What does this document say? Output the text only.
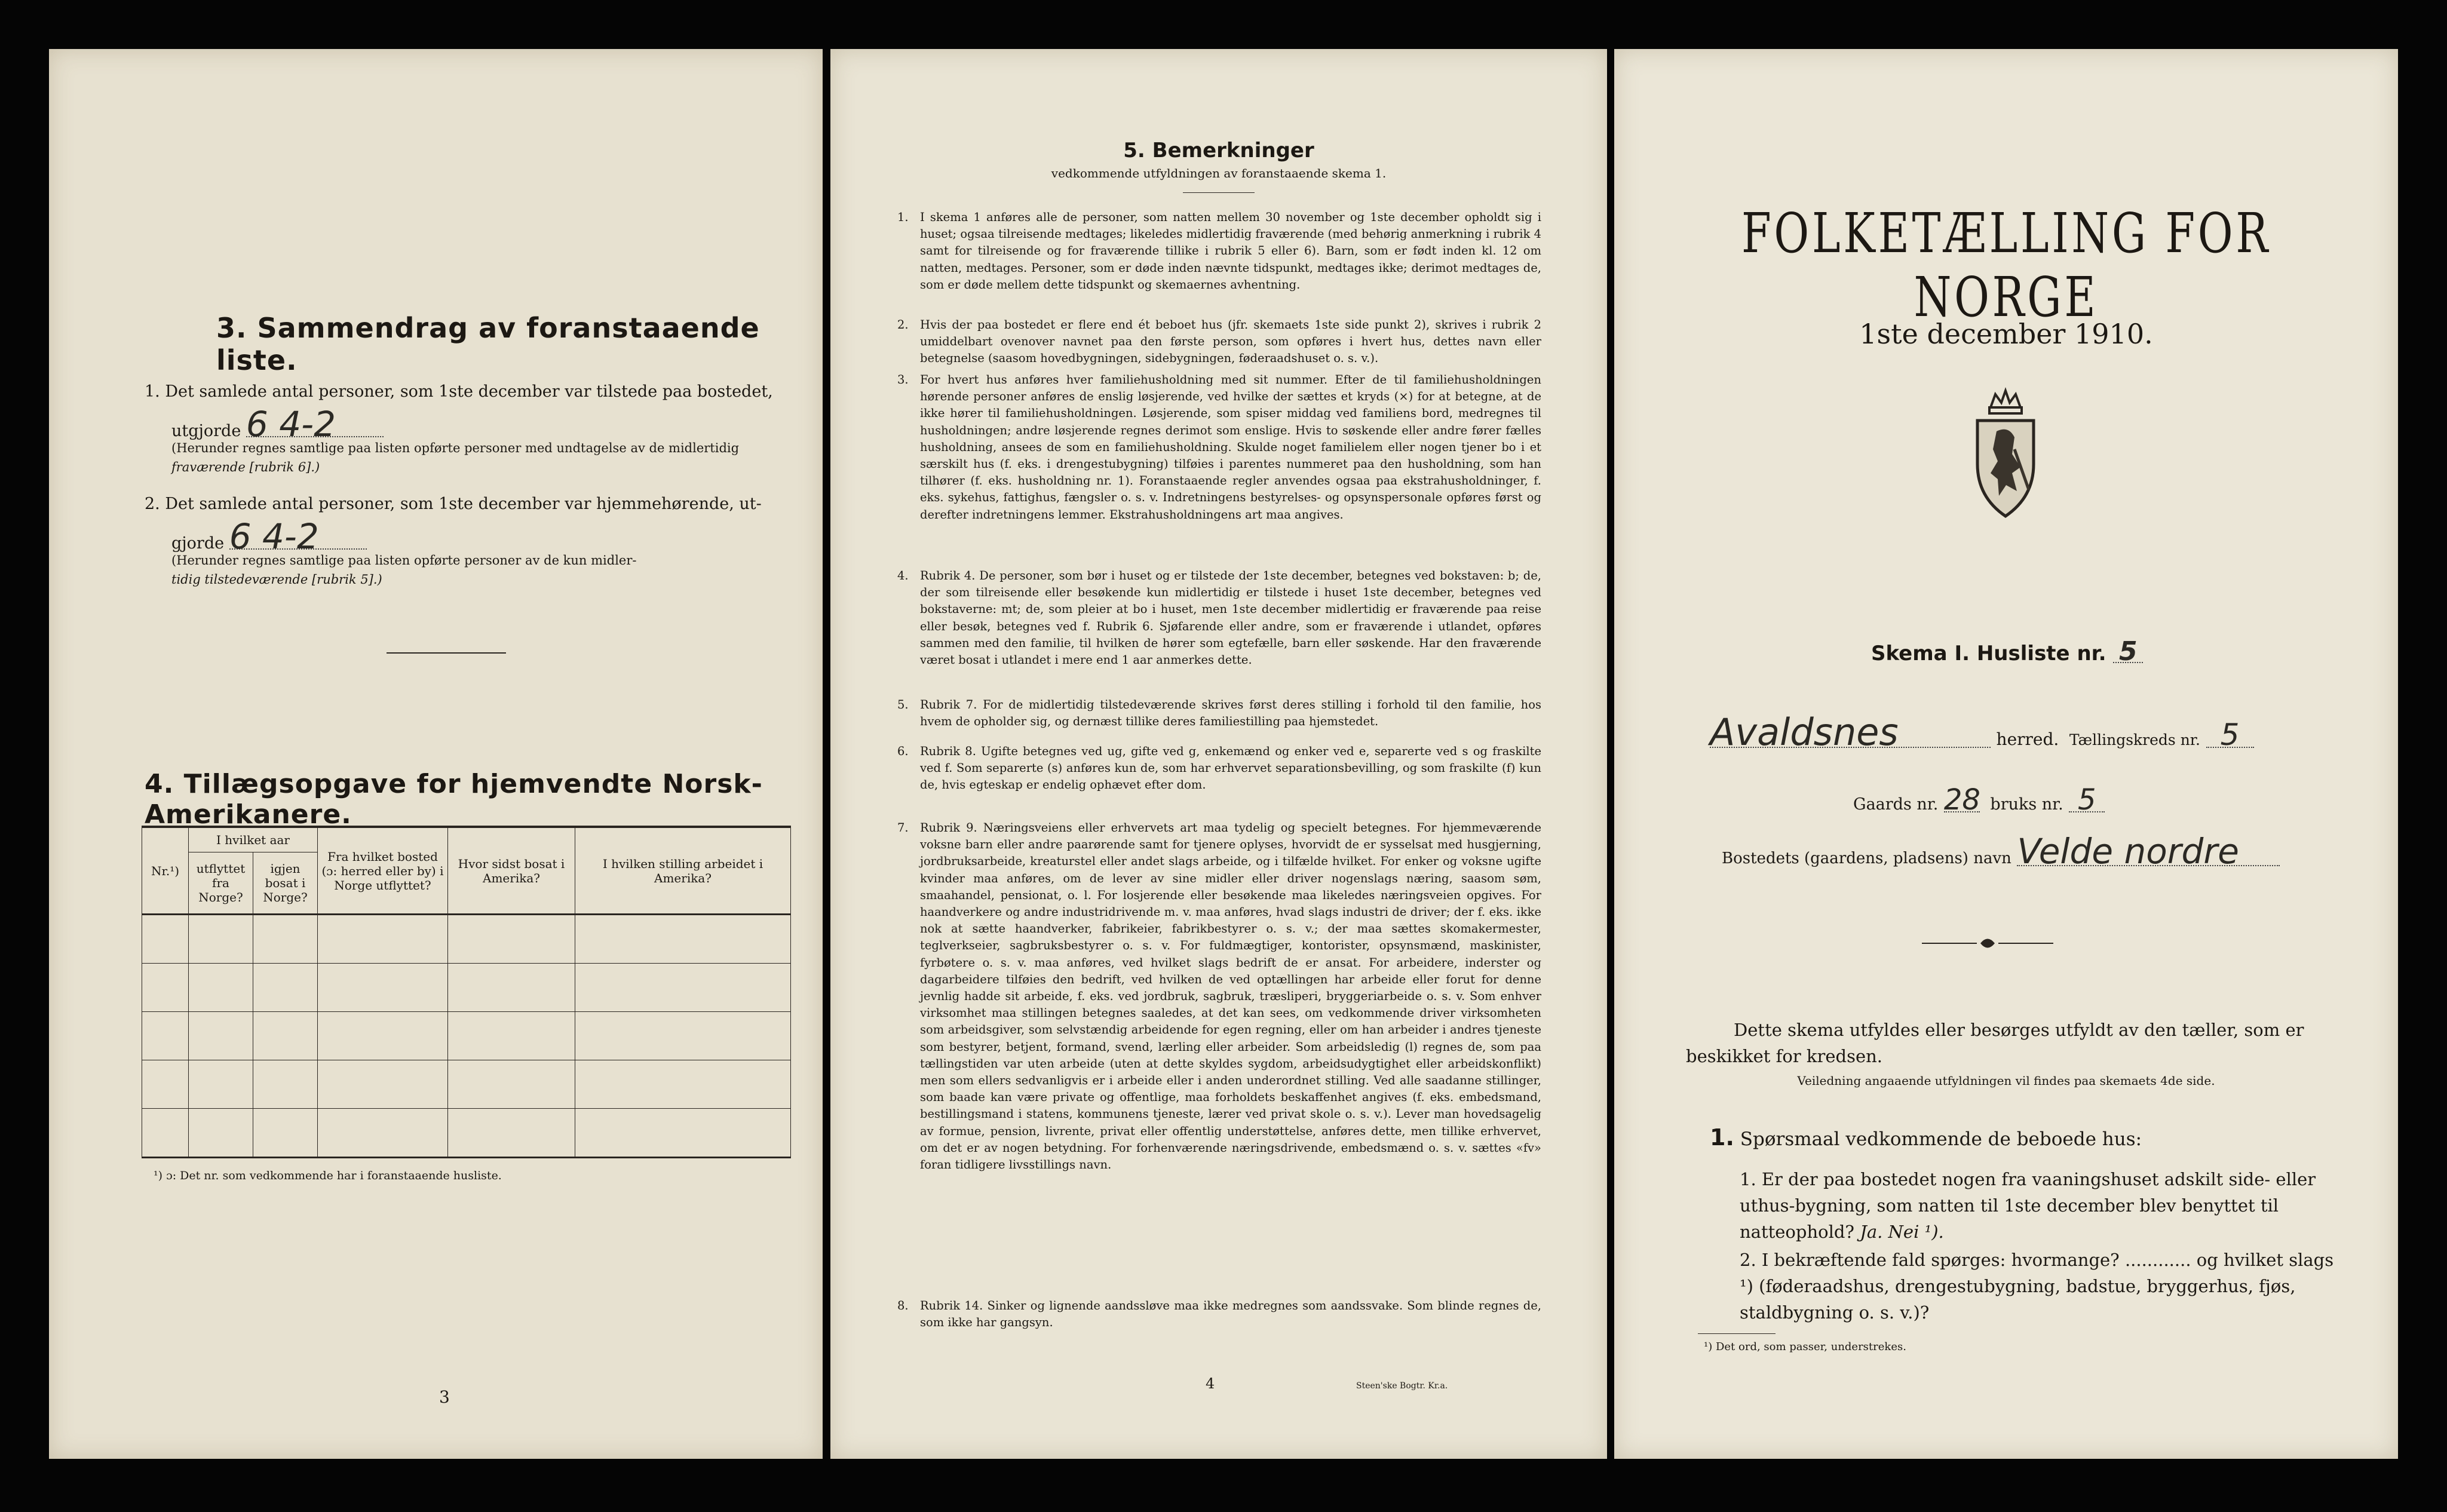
3. Sammendrag av foranstaaende liste.
1. Det samlede antal personer, som 1ste december var tilstede paa bostedet,
utgjorde 6 4-2
(Herunder regnes samtlige paa listen opførte personer med undtagelse av de midlertidig
fraværende [rubrik 6].)
2. Det samlede antal personer, som 1ste december var hjemmehørende, ut-
gjorde 6 4-2
(Herunder regnes samtlige paa listen opførte personer av de kun midler-
tidig tilstedeværende [rubrik 5].)
4. Tillægsopgave for hjemvendte Norsk-Amerikanere.
Nr.¹)	I hvilket aar		Fra hvilket bosted (ɔ: herred eller by) i Norge utflyttet?	Hvor sidst bosat i Amerika?	I hvilken stilling arbeidet i Amerika?
	utflyttet fra Norge?	igjen bosat i Norge?			

¹) ɔ: Det nr. som vedkommende har i foranstaaende husliste.
3
5. Bemerkninger
vedkommende utfyldningen av foranstaaende skema 1.
1. I skema 1 anføres alle de personer, som natten mellem 30 november og 1ste december opholdt sig i huset; ogsaa tilreisende medtages; likeledes midlertidig fraværende (med behørig anmerkning i rubrik 4 samt for tilreisende og for fraværende tillike i rubrik 5 eller 6). Barn, som er født inden kl. 12 om natten, medtages. Personer, som er døde inden nævnte tidspunkt, medtages ikke; derimot medtages de, som er døde mellem dette tidspunkt og skemaernes avhentning.
2. Hvis der paa bostedet er flere end ét beboet hus (jfr. skemaets 1ste side punkt 2), skrives i rubrik 2 umiddelbart ovenover navnet paa den første person, som opføres i hvert hus, dettes navn eller betegnelse (saasom hovedbygningen, sidebygningen, føderaadshuset o. s. v.).
3. For hvert hus anføres hver familiehusholdning med sit nummer. Efter de til familiehusholdningen hørende personer anføres de enslig løsjerende, ved hvilke der sættes et kryds (×) for at betegne, at de ikke hører til familiehusholdningen. Løsjerende, som spiser middag ved familiens bord, medregnes til husholdningen; andre løsjerende regnes derimot som enslige. Hvis to søskende eller andre fører fælles husholdning, ansees de som en familiehusholdning. Skulde noget familielem eller nogen tjener bo i et særskilt hus (f. eks. i drengestubygning) tilføies i parentes nummeret paa den husholdning, som han tilhører (f. eks. husholdning nr. 1). Foranstaaende regler anvendes ogsaa paa ekstrahusholdninger, f. eks. sykehus, fattighus, fængsler o. s. v. Indretningens bestyrelses- og opsynspersonale opføres først og derefter indretningens lemmer. Ekstrahusholdningens art maa angives.
4. Rubrik 4. De personer, som bør i huset og er tilstede der 1ste december, betegnes ved bokstaven: b; de, der som tilreisende eller besøkende kun midlertidig er tilstede i huset 1ste december, betegnes ved bokstaverne: mt; de, som pleier at bo i huset, men 1ste december midlertidig er fraværende paa reise eller besøk, betegnes ved f. Rubrik 6. Sjøfarende eller andre, som er fraværende i utlandet, opføres sammen med den familie, til hvilken de hører som egtefælle, barn eller søskende. Har den fraværende været bosat i utlandet i mere end 1 aar anmerkes dette.
5. Rubrik 7. For de midlertidig tilstedeværende skrives først deres stilling i forhold til den familie, hos hvem de opholder sig, og dernæst tillike deres familiestilling paa hjemstedet.
6. Rubrik 8. Ugifte betegnes ved ug, gifte ved g, enkemænd og enker ved e, separerte ved s og fraskilte ved f. Som separerte (s) anføres kun de, som har erhvervet separationsbevilling, og som fraskilte (f) kun de, hvis egteskap er endelig ophævet efter dom.
7. Rubrik 9. Næringsveiens eller erhvervets art maa tydelig og specielt betegnes. For hjemmeværende voksne barn eller andre paarørende samt for tjenere oplyses, hvorvidt de er sysselsat med husgjerning, jordbruksarbeide, kreaturstel eller andet slags arbeide, og i tilfælde hvilket. For enker og voksne ugifte kvinder maa anføres, om de lever av sine midler eller driver nogenslags næring, saasom søm, smaahandel, pensionat, o. l. For losjerende eller besøkende maa likeledes næringsveien opgives. For haandverkere og andre industridrivende m. v. maa anføres, hvad slags industri de driver; der f. eks. ikke nok at sætte haandverker, fabrikeier, fabrikbestyrer o. s. v.; der maa sættes skomakermester, teglverkseier, sagbruksbestyrer o. s. v. For fuldmægtiger, kontorister, opsynsmænd, maskinister, fyrbøtere o. s. v. maa anføres, ved hvilket slags bedrift de er ansat. For arbeidere, inderster og dagarbeidere tilføies den bedrift, ved hvilken de ved optællingen har arbeide eller forut for denne jevnlig hadde sit arbeide, f. eks. ved jordbruk, sagbruk, træsliperi, bryggeriarbeide o. s. v. Som enhver virksomhet maa stillingen betegnes saaledes, at det kan sees, om vedkommende driver virksomheten som arbeidsgiver, som selvstændig arbeidende for egen regning, eller om han arbeider i andres tjeneste som bestyrer, betjent, formand, svend, lærling eller arbeider. Som arbeidsledig (l) regnes de, som paa tællingstiden var uten arbeide (uten at dette skyldes sygdom, arbeidsudygtighet eller arbeidskonflikt) men som ellers sedvanligvis er i arbeide eller i anden underordnet stilling. Ved alle saadanne stillinger, som baade kan være private og offentlige, maa forholdets beskaffenhet angives (f. eks. embedsmand, bestillingsmand i statens, kommunens tjeneste, lærer ved privat skole o. s. v.). Lever man hovedsagelig av formue, pension, livrente, privat eller offentlig understøttelse, anføres dette, men tillike erhvervet, om det er av nogen betydning. For forhenværende næringsdrivende, embedsmænd o. s. v. sættes «fv» foran tidligere livsstillings navn.
8. Rubrik 14. Sinker og lignende aandssløve maa ikke medregnes som aandssvake. Som blinde regnes de, som ikke har gangsyn.
4	Steen'ske Bogtr. Kr.a.
FOLKETÆLLING FOR NORGE
1ste december 1910.
Skema I. Husliste nr. 5
Avaldsnes	herred. Tællingskreds nr. 5
Gaards nr. 28 bruks nr. 5
Bostedets (gaardens, pladsens) navn Velde nordre
Dette skema utfyldes eller besørges utfyldt av den tæller, som er beskikket for kredsen.
Veiledning angaaende utfyldningen vil findes paa skemaets 4de side.
1. Spørsmaal vedkommende de beboede hus:
1. Er der paa bostedet nogen fra vaaningshuset adskilt side- eller uthus-bygning, som natten til 1ste december blev benyttet til natteophold? Ja. Nei ¹).
2. I bekræftende fald spørges: hvormange? ............ og hvilket slags ¹) (føderaadshus, drengestubygning, badstue, bryggerhus, fjøs, staldbygning o. s. v.)?
¹) Det ord, som passer, understrekes.
